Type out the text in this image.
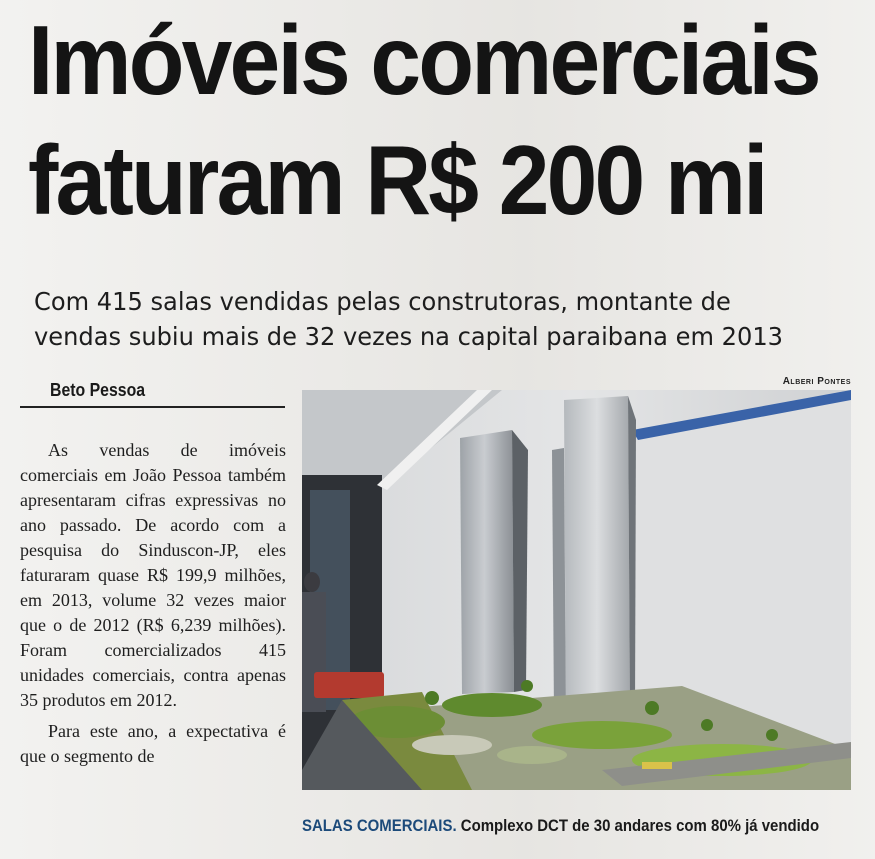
Imóveis comerciais
faturam R$ 200 mi

Com 415 salas vendidas pelas construtoras, montante de vendas subiu mais de 32 vezes na capital paraibana em 2013

Beto Pessoa	Alberi Pontes

As vendas de imóveis comerciais em João Pessoa também apresentaram cifras expressivas no ano passado. De acordo com a pesquisa do Sinduscon-JP, eles faturaram quase R$ 199,9 milhões, em 2013, volume 32 vezes maior que o de 2012 (R$ 6,239 milhões). Foram comercializados 415 unidades comerciais, contra apenas 35 produtos em 2012.

Para este ano, a expectativa é que o segmento de

SALAS COMERCIAIS. Complexo DCT de 30 andares com 80% já vendido
